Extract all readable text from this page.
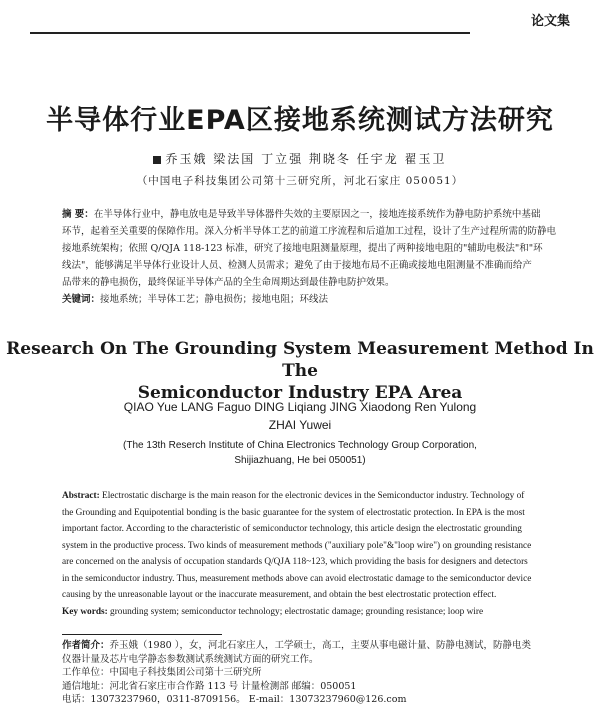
论文集
半导体行业EPA区接地系统测试方法研究
乔玉娥 梁法国 丁立强 荆晓冬 任宇龙 翟玉卫
（中国电子科技集团公司第十三研究所，河北石家庄 050051）
摘 要：在半导体行业中，静电放电是导致半导体器件失效的主要原因之一，接地连接系统作为静电防护系统中基础
环节，起着至关重要的保障作用。深入分析半导体工艺的前道工序流程和后道加工过程，设计了生产过程所需的防静电
接地系统架构；依照 Q/QJA 118-123 标准，研究了接地电阻测量原理，提出了两种接地电阻的"辅助电极法"和"环
线法"，能够满足半导体行业设计人员、检测人员需求；避免了由于接地布局不正确或接地电阻测量不准确而给产
品带来的静电损伤，最终保证半导体产品的全生命周期达到最佳静电防护效果。
关键词：接地系统；半导体工艺；静电损伤；接地电阻；环线法
Research On The Grounding System Measurement Method In The
Semiconductor Industry EPA Area
QIAO Yue LANG Faguo DING Liqiang JING Xiaodong Ren Yulong
ZHAI Yuwei
(The 13th Reserch Institute of China Electronics Technology Group Corporation,
Shijiazhuang, He bei 050051)
Abstract: Electrostatic discharge is the main reason for the electronic devices in the Semiconductor industry. Technology of
the Grounding and Equipotential bonding is the basic guarantee for the system of electrostatic protection. In EPA is the most
important factor. According to the characteristic of semiconductor technology, this article design the electrostatic grounding
system in the productive process. Two kinds of measurement methods ("auxiliary pole"&"loop wire") on grounding resistance
are concerned on the analysis of occupation standards Q/QJA 118~123, which providing the basis for designers and detectors
in the semiconductor industry. Thus, measurement methods above can avoid electrostatic damage to the semiconductor device
causing by the unreasonable layout or the inaccurate measurement, and obtain the best electrostatic protection effect.
Key words: grounding system; semiconductor technology; electrostatic damage; grounding resistance; loop wire
作者简介：乔玉娥（1980 ），女，河北石家庄人，工学硕士，高工，主要从事电磁计量、防静电测试，防静电类
仪器计量及芯片电学静态参数测试系统测试方面的研究工作。
工作单位：中国电子科技集团公司第十三研究所
通信地址：河北省石家庄市合作路 113 号 计量检测部 邮编：050051
电话：13073237960，0311-8709156。 E-mail：13073237960@126.com
